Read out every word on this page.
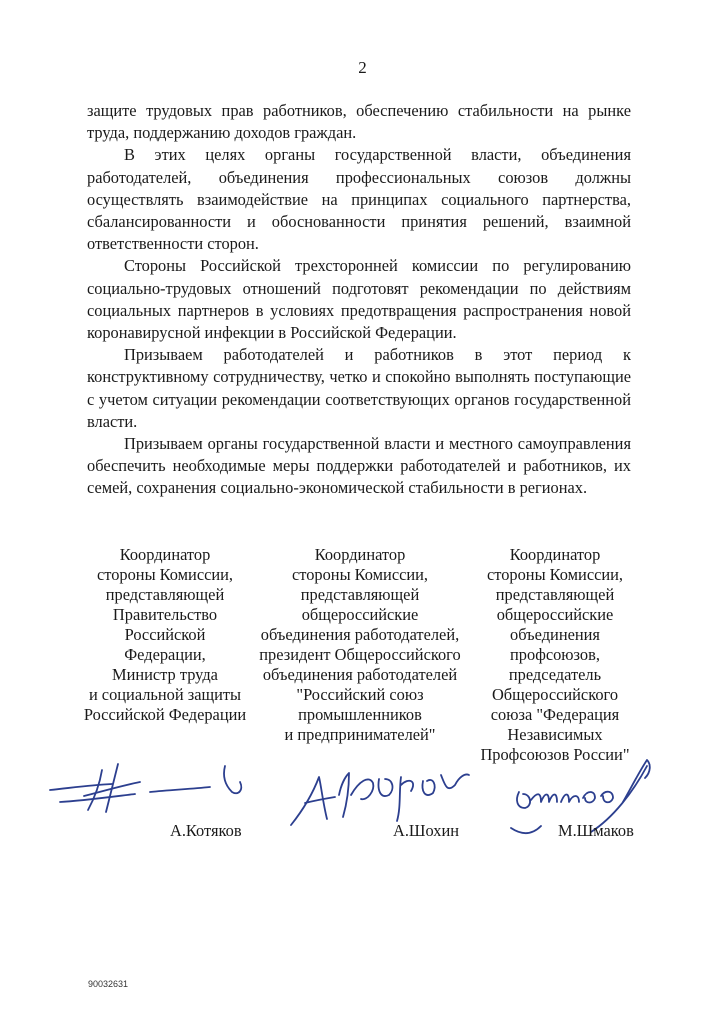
2

защите трудовых прав работников, обеспечению стабильности на рынке труда, поддержанию доходов граждан.

В этих целях органы государственной власти, объединения работодателей, объединения профессиональных союзов должны осуществлять взаимодействие на принципах социального партнерства, сбалансированности и обоснованности принятия решений, взаимной ответственности сторон.

Стороны Российской трехсторонней комиссии по регулированию социально-трудовых отношений подготовят рекомендации по действиям социальных партнеров в условиях предотвращения распространения новой коронавирусной инфекции в Российской Федерации.

Призываем работодателей и работников в этот период к конструктивному сотрудничеству, четко и спокойно выполнять поступающие с учетом ситуации рекомендации соответствующих органов государственной власти.

Призываем органы государственной власти и местного самоуправления обеспечить необходимые меры поддержки работодателей и работников, их семей, сохранения социально-экономической стабильности в регионах.

Координатор
стороны Комиссии,
представляющей
Правительство
Российской
Федерации,
Министр труда
и социальной защиты
Российской Федерации
Координатор
стороны Комиссии,
представляющей
общероссийские
объединения работодателей,
президент Общероссийского
объединения работодателей
"Российский союз
промышленников
и предпринимателей"
Координатор
стороны Комиссии,
представляющей
общероссийские
объединения
профсоюзов,
председатель
Общероссийского
союза "Федерация
Независимых
Профсоюзов России"
А.Котяков	А.Шохин	М.Шмаков
90032631
